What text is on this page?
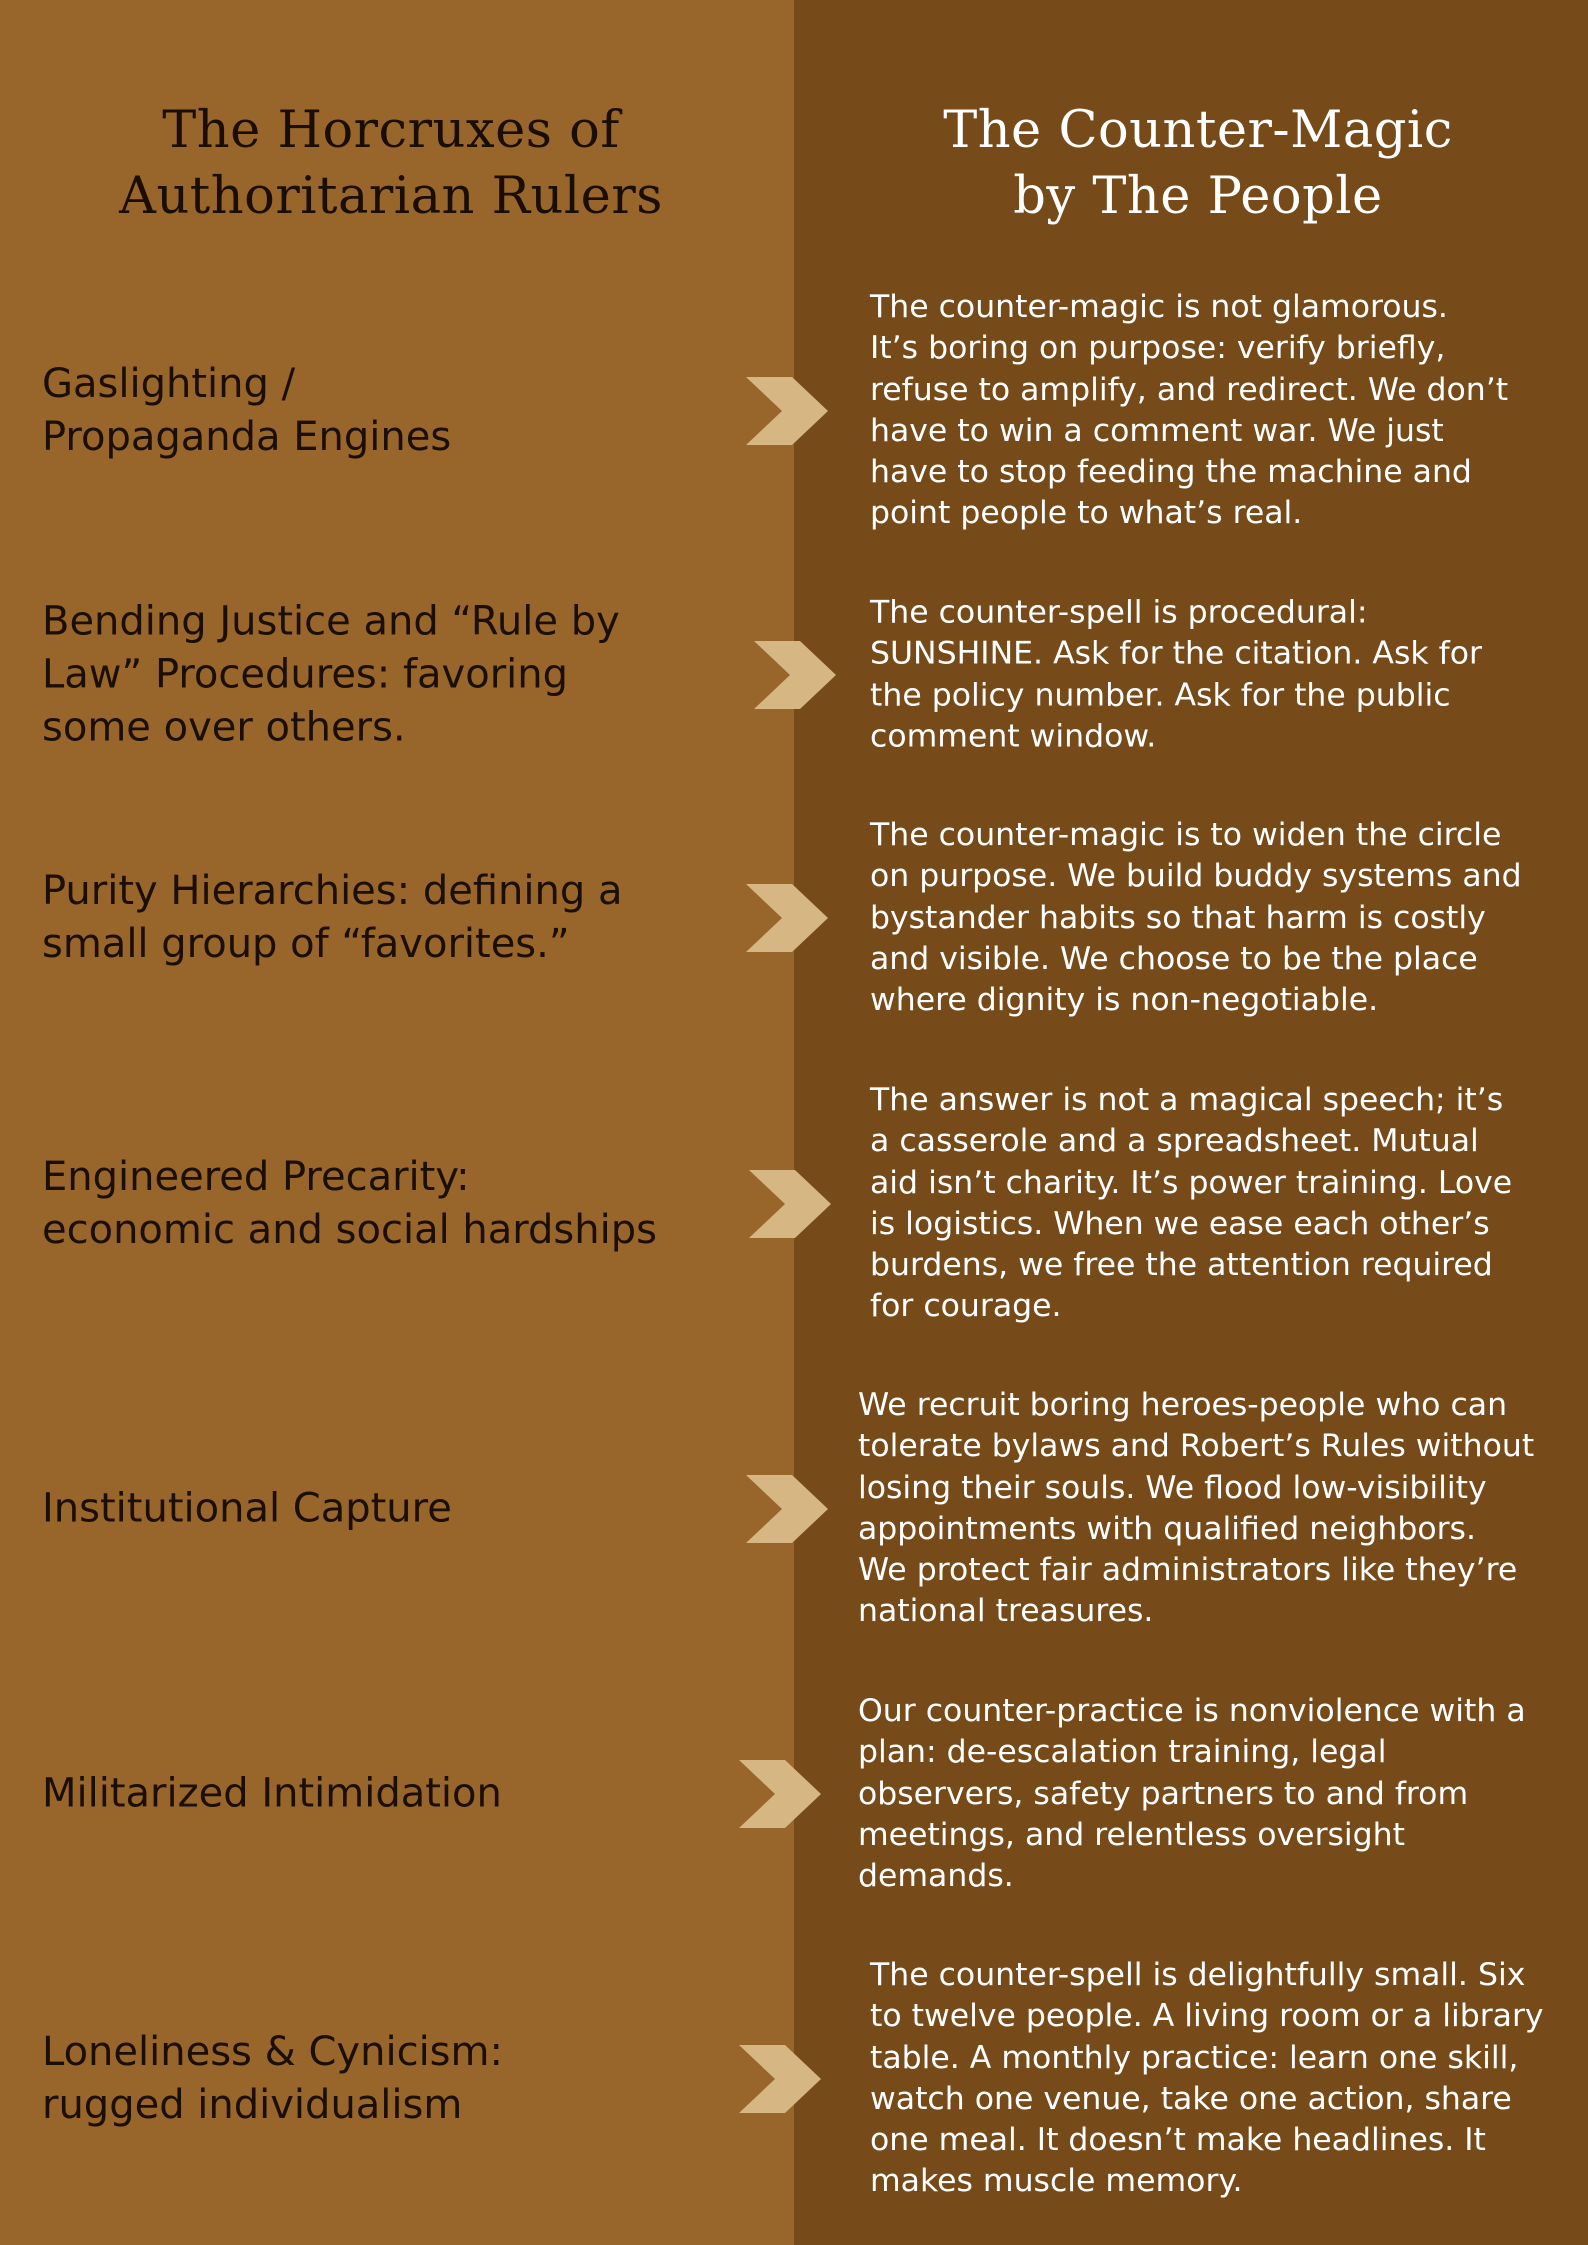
The Horcruxes of
Authoritarian Rulers
The Counter-Magic
by The People

Gaslighting /
Propaganda Engines

The counter-magic is not glamorous.
It’s boring on purpose: verify briefly,
refuse to amplify, and redirect. We don’t
have to win a comment war. We just
have to stop feeding the machine and
point people to what’s real.

Bending Justice and “Rule by
Law” Procedures: favoring
some over others.

The counter-spell is procedural:
SUNSHINE. Ask for the citation. Ask for
the policy number. Ask for the public
comment window.

Purity Hierarchies: defining a
small group of “favorites.”

The counter-magic is to widen the circle
on purpose. We build buddy systems and
bystander habits so that harm is costly
and visible. We choose to be the place
where dignity is non-negotiable.

Engineered Precarity:
economic and social hardships

The answer is not a magical speech; it’s
a casserole and a spreadsheet. Mutual
aid isn’t charity. It’s power training. Love
is logistics. When we ease each other’s
burdens, we free the attention required
for courage.

Institutional Capture

We recruit boring heroes-people who can
tolerate bylaws and Robert’s Rules without
losing their souls. We flood low-visibility
appointments with qualified neighbors.
We protect fair administrators like they’re
national treasures.

Militarized Intimidation

Our counter-practice is nonviolence with a
plan: de-escalation training, legal
observers, safety partners to and from
meetings, and relentless oversight
demands.

Loneliness & Cynicism:
rugged individualism

The counter-spell is delightfully small. Six
to twelve people. A living room or a library
table. A monthly practice: learn one skill,
watch one venue, take one action, share
one meal. It doesn’t make headlines. It
makes muscle memory.
